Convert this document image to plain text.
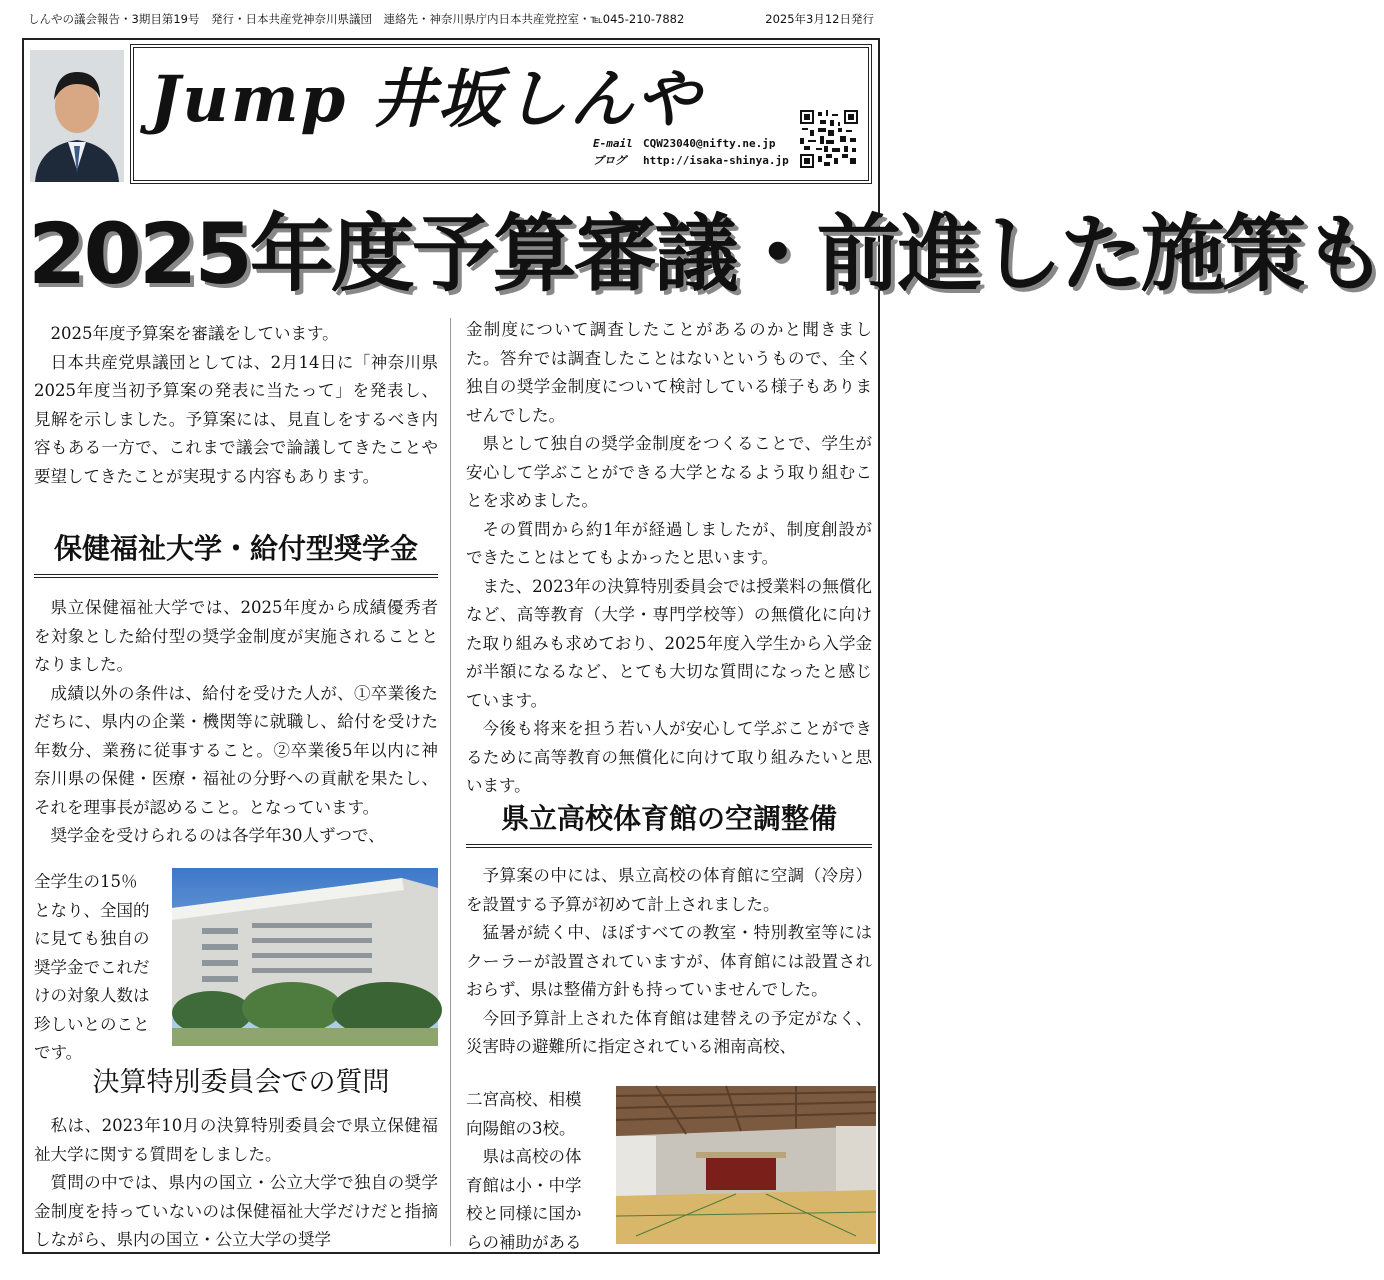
しんやの議会報告・3期目第19号　発行・日本共産党神奈川県議団　連絡先・神奈川県庁内日本共産党控室・℡045-210-7882	2025年3月12日発行
Jump 井坂しんや
E-mail CQW23040@nifty.ne.jp
ブログ http://isaka-shinya.jp
2025年度予算審議・前進した施策も

2025年度予算案を審議をしています。

日本共産党県議団としては、2月14日に「神奈川県2025年度当初予算案の発表に当たって」を発表し、見解を示しました。予算案には、見直しをするべき内容もある一方で、これまで議会で論議してきたことや要望してきたことが実現する内容もあります。

保健福祉大学・給付型奨学金

県立保健福祉大学では、2025年度から成績優秀者を対象とした給付型の奨学金制度が実施されることとなりました。

成績以外の条件は、給付を受けた人が、①卒業後ただちに、県内の企業・機関等に就職し、給付を受けた年数分、業務に従事すること。②卒業後5年以内に神奈川県の保健・医療・福祉の分野への貢献を果たし、それを理事長が認めること。となっています。

奨学金を受けられるのは各学年30人ずつで、

全学生の15％
となり、全国的
に見ても独自の
奨学金でこれだ
けの対象人数は
珍しいとのこと
です。
決算特別委員会での質問

私は、2023年10月の決算特別委員会で県立保健福祉大学に関する質問をしました。

質問の中では、県内の国立・公立大学で独自の奨学金制度を持っていないのは保健福祉大学だけだと指摘しながら、県内の国立・公立大学の奨学

金制度について調査したことがあるのかと聞きました。答弁では調査したことはないというもので、全く独自の奨学金制度について検討している様子もありませんでした。

県として独自の奨学金制度をつくることで、学生が安心して学ぶことができる大学となるよう取り組むことを求めました。

その質問から約1年が経過しましたが、制度創設ができたことはとてもよかったと思います。

また、2023年の決算特別委員会では授業料の無償化など、高等教育（大学・専門学校等）の無償化に向けた取り組みも求めており、2025年度入学生から入学金が半額になるなど、とても大切な質問になったと感じています。

今後も将来を担う若い人が安心して学ぶことができるために高等教育の無償化に向けて取り組みたいと思います。

県立高校体育館の空調整備

予算案の中には、県立高校の体育館に空調（冷房）を設置する予算が初めて計上されました。

猛暑が続く中、ほぼすべての教室・特別教室等にはクーラーが設置されていますが、体育館には設置されおらず、県は整備方針も持っていませんでした。

今回予算計上された体育館は建替えの予定がなく、災害時の避難所に指定されている湘南高校、

二宮高校、相模
向陽館の3校。
　県は高校の体
育館は小・中学
校と同様に国か
らの補助がある
